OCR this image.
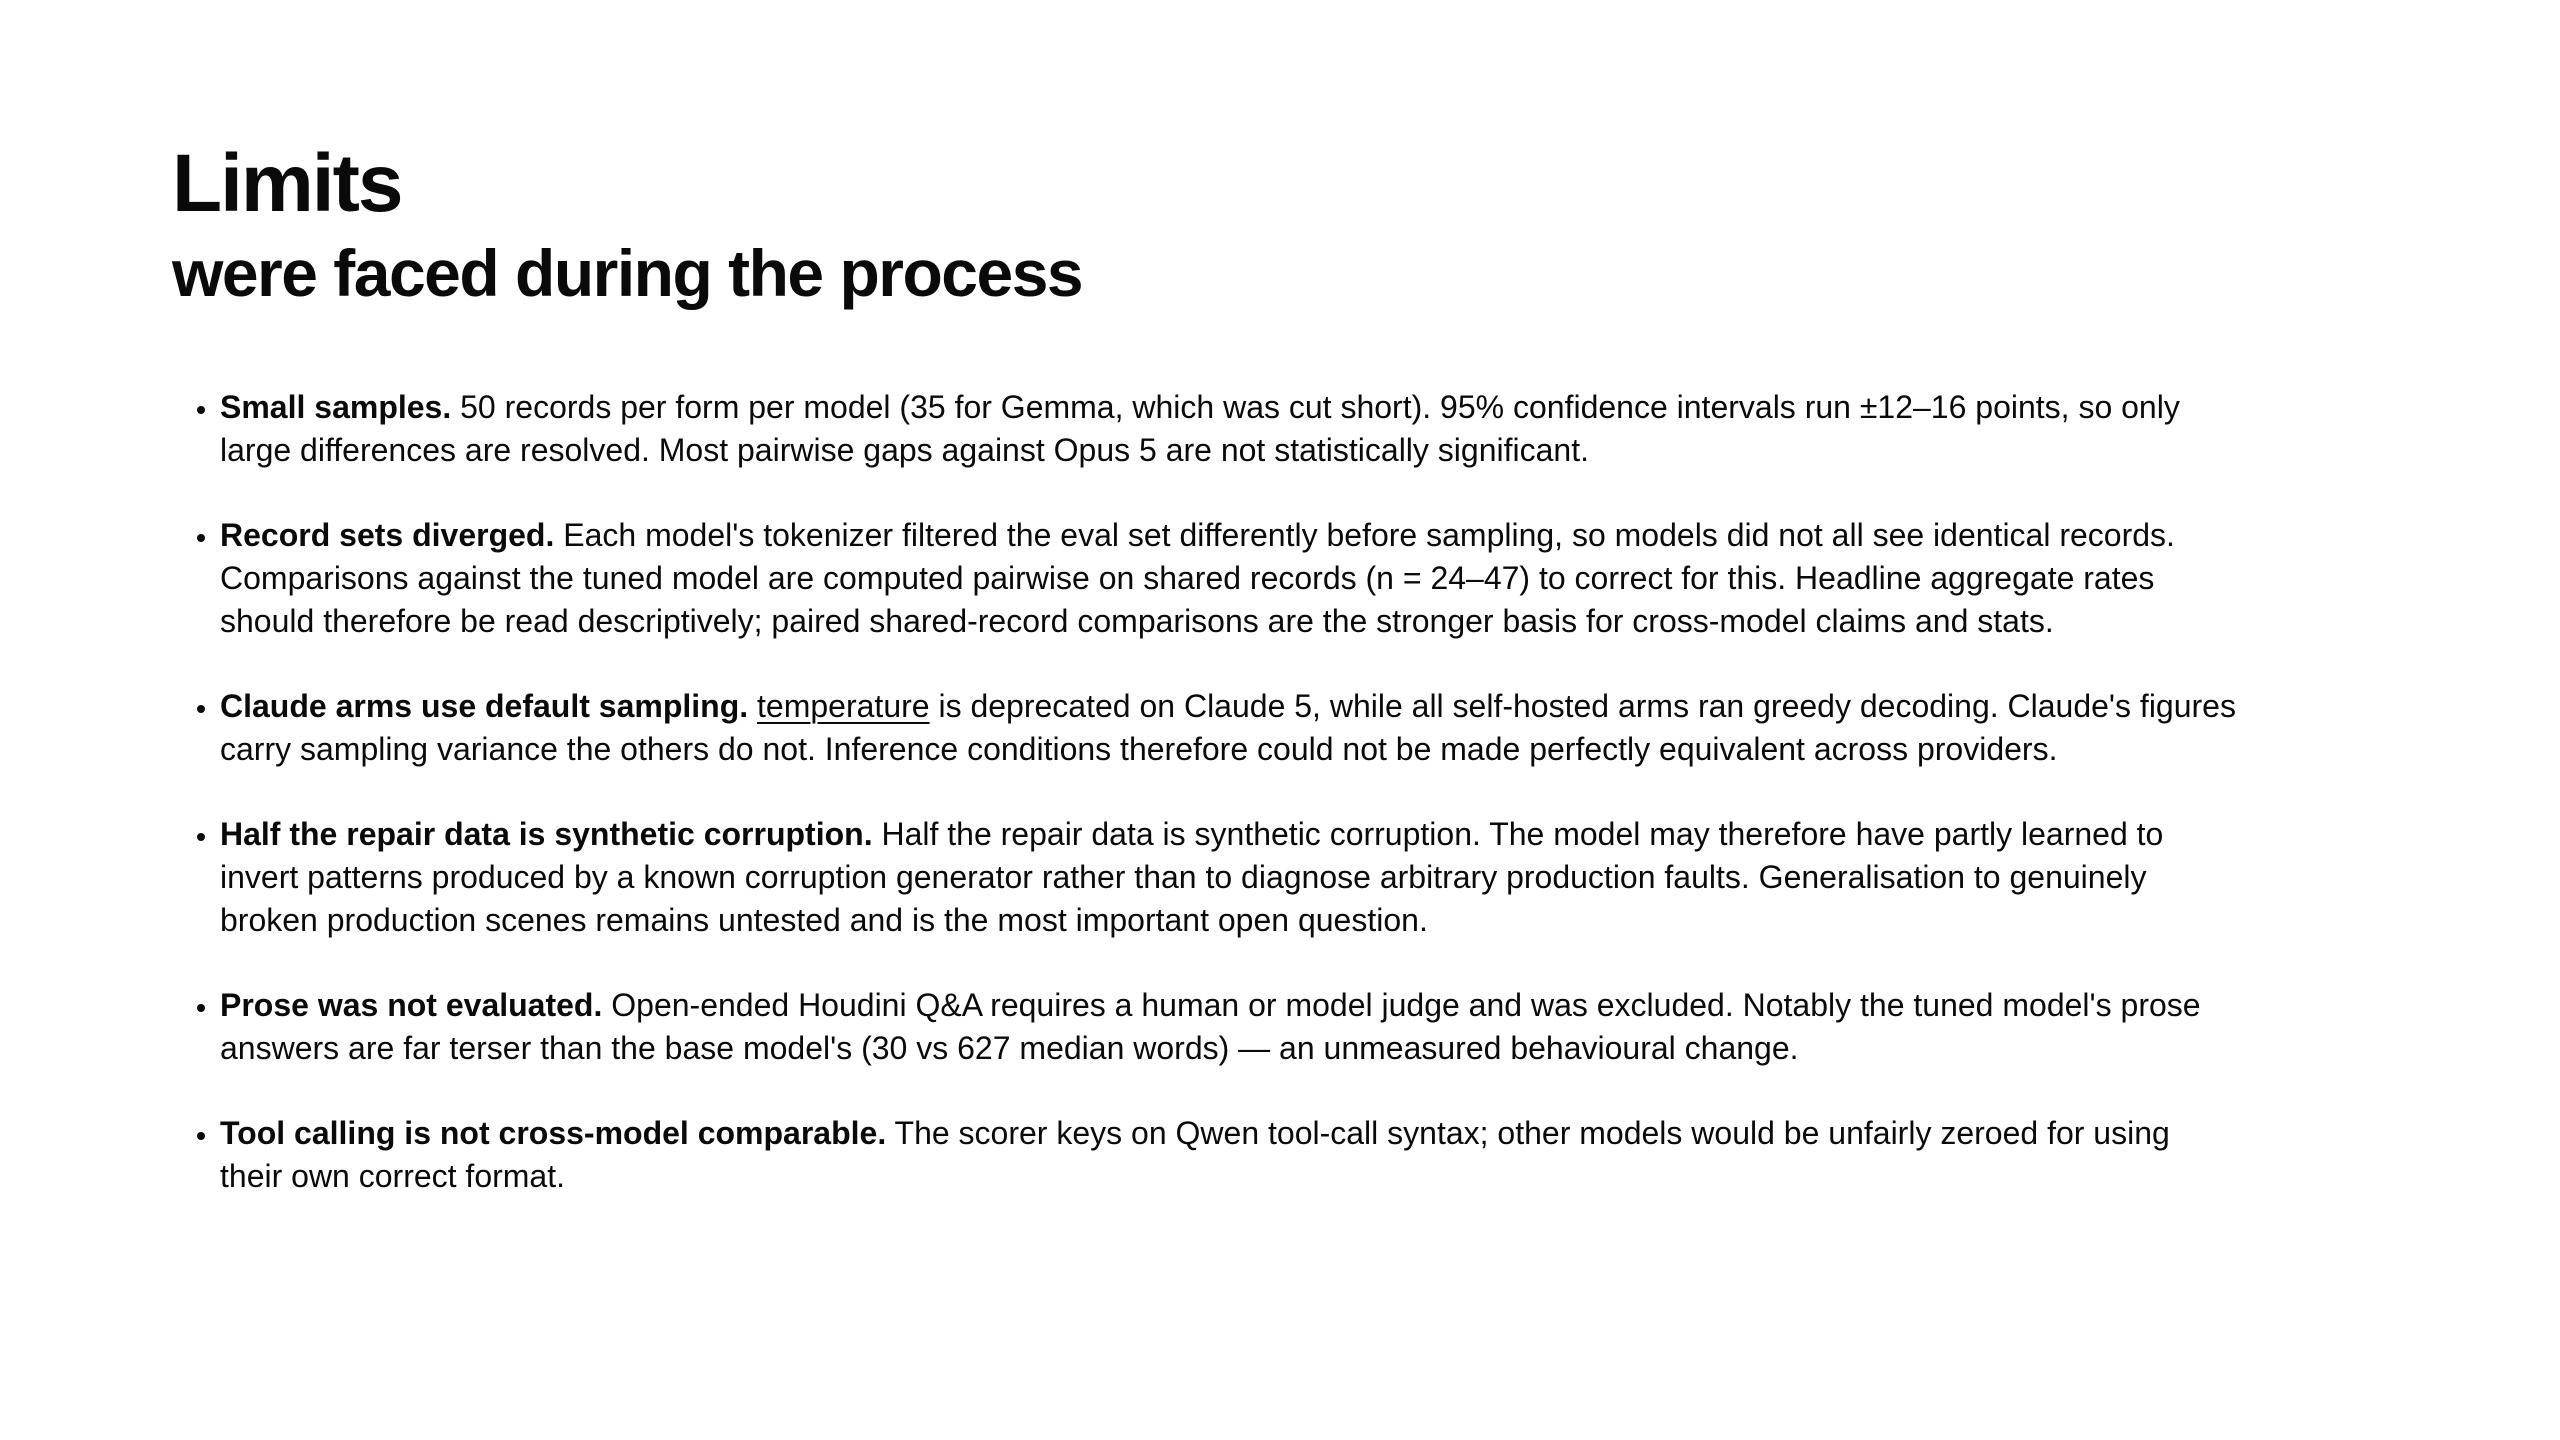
Limits
were faced during the process
• Small samples. 50 records per form per model (35 for Gemma, which was cut short). 95% confidence intervals run ±12–16 points, so only large differences are resolved. Most pairwise gaps against Opus 5 are not statistically significant.
• Record sets diverged. Each model's tokenizer filtered the eval set differently before sampling, so models did not all see identical records. Comparisons against the tuned model are computed pairwise on shared records (n = 24–47) to correct for this. Headline aggregate rates should therefore be read descriptively; paired shared-record comparisons are the stronger basis for cross-model claims and stats.
• Claude arms use default sampling. temperature is deprecated on Claude 5, while all self-hosted arms ran greedy decoding. Claude's figures carry sampling variance the others do not. Inference conditions therefore could not be made perfectly equivalent across providers.
• Half the repair data is synthetic corruption. Half the repair data is synthetic corruption. The model may therefore have partly learned to invert patterns produced by a known corruption generator rather than to diagnose arbitrary production faults. Generalisation to genuinely broken production scenes remains untested and is the most important open question.
• Prose was not evaluated. Open-ended Houdini Q&A requires a human or model judge and was excluded. Notably the tuned model's prose answers are far terser than the base model's (30 vs 627 median words) — an unmeasured behavioural change.
• Tool calling is not cross-model comparable. The scorer keys on Qwen tool-call syntax; other models would be unfairly zeroed for using their own correct format.
